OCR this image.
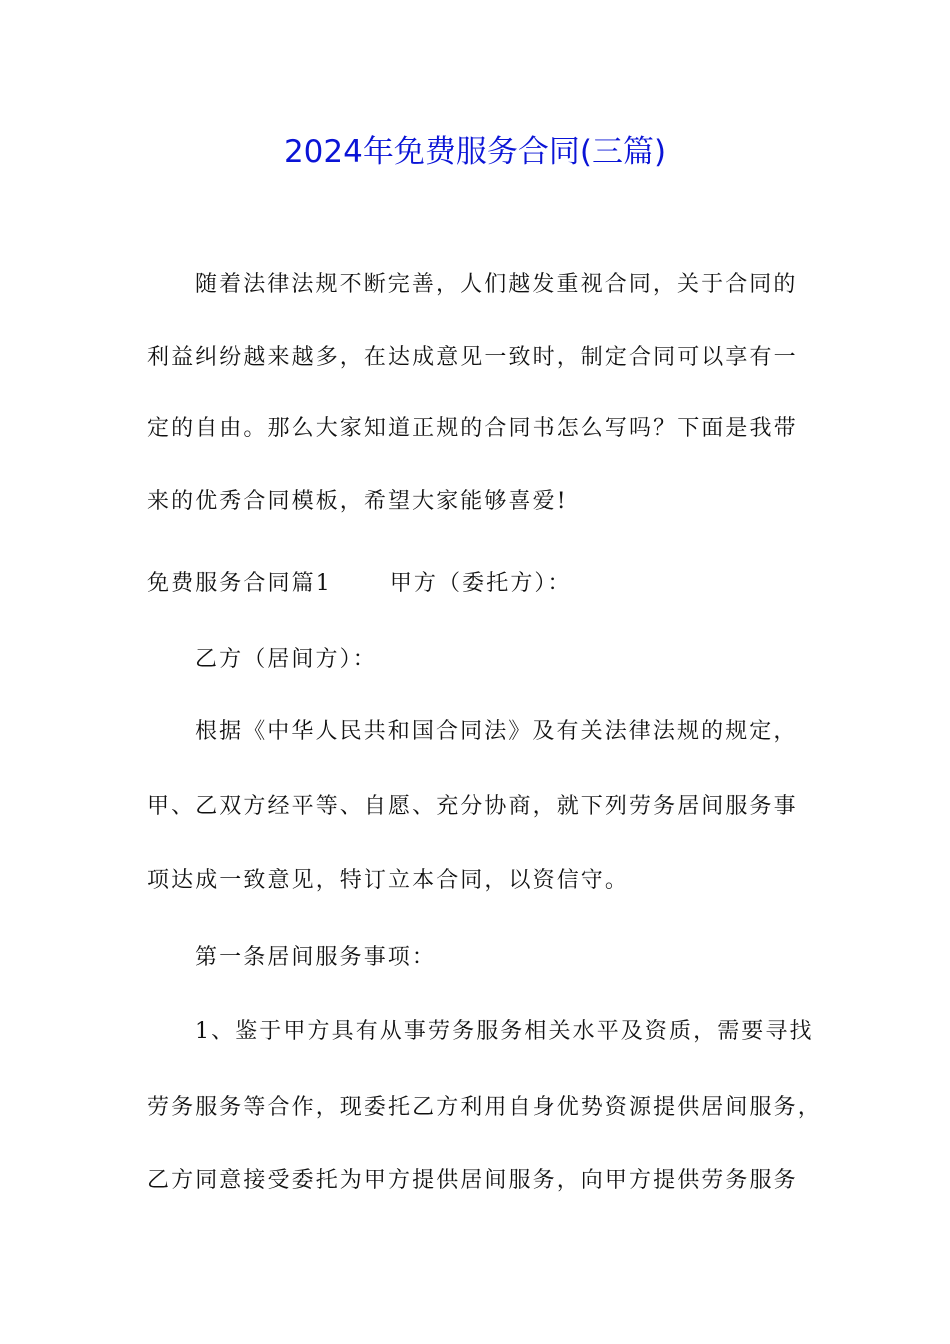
2024年免费服务合同(三篇)
随着法律法规不断完善，人们越发重视合同，关于合同的
利益纠纷越来越多，在达成意见一致时，制定合同可以享有一
定的自由。那么大家知道正规的合同书怎么写吗？下面是我带
来的优秀合同模板，希望大家能够喜爱!
免费服务合同篇1	甲方（委托方）：
乙方（居间方）：
根据《中华人民共和国合同法》及有关法律法规的规定，
甲、乙双方经平等、自愿、充分协商，就下列劳务居间服务事
项达成一致意见，特订立本合同，以资信守。
第一条居间服务事项：
1、鉴于甲方具有从事劳务服务相关水平及资质，需要寻找
劳务服务等合作，现委托乙方利用自身优势资源提供居间服务，
乙方同意接受委托为甲方提供居间服务，向甲方提供劳务服务
